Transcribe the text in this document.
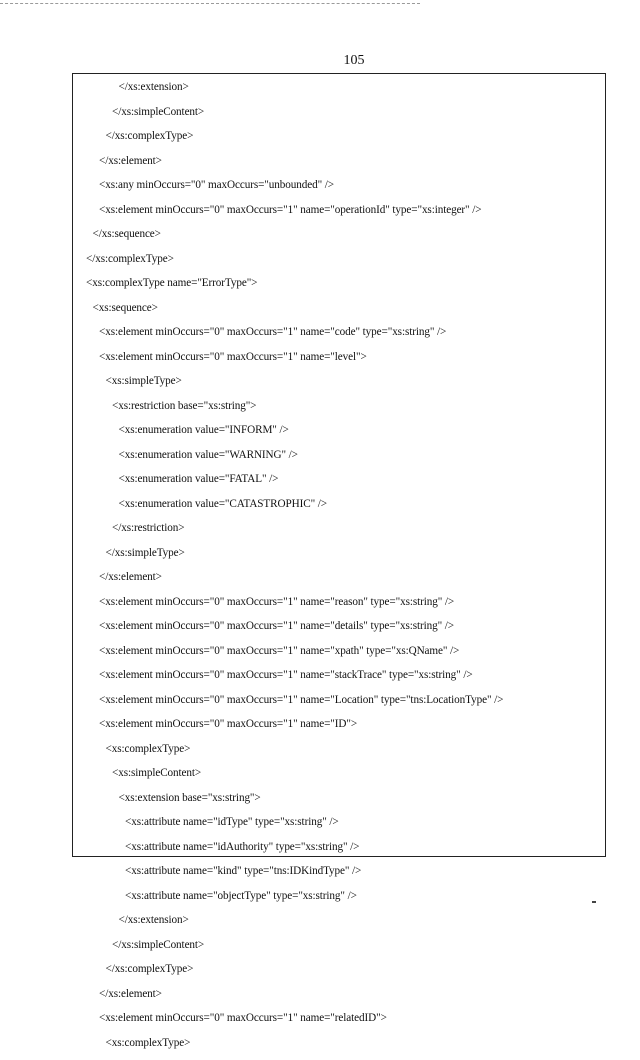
105
</xs:extension>
</xs:simpleContent>
</xs:complexType>
</xs:element>
<xs:any minOccurs="0" maxOccurs="unbounded" />
<xs:element minOccurs="0" maxOccurs="1" name="operationId" type="xs:integer" />
</xs:sequence>
</xs:complexType>
<xs:complexType name="ErrorType">
<xs:sequence>
<xs:element minOccurs="0" maxOccurs="1" name="code" type="xs:string" />
<xs:element minOccurs="0" maxOccurs="1" name="level">
<xs:simpleType>
<xs:restriction base="xs:string">
<xs:enumeration value="INFORM" />
<xs:enumeration value="WARNING" />
<xs:enumeration value="FATAL" />
<xs:enumeration value="CATASTROPHIC" />
</xs:restriction>
</xs:simpleType>
</xs:element>
<xs:element minOccurs="0" maxOccurs="1" name="reason" type="xs:string" />
<xs:element minOccurs="0" maxOccurs="1" name="details" type="xs:string" />
<xs:element minOccurs="0" maxOccurs="1" name="xpath" type="xs:QName" />
<xs:element minOccurs="0" maxOccurs="1" name="stackTrace" type="xs:string" />
<xs:element minOccurs="0" maxOccurs="1" name="Location" type="tns:LocationType" />
<xs:element minOccurs="0" maxOccurs="1" name="ID">
<xs:complexType>
<xs:simpleContent>
<xs:extension base="xs:string">
<xs:attribute name="idType" type="xs:string" />
<xs:attribute name="idAuthority" type="xs:string" />
<xs:attribute name="kind" type="tns:IDKindType" />
<xs:attribute name="objectType" type="xs:string" />
</xs:extension>
</xs:simpleContent>
</xs:complexType>
</xs:element>
<xs:element minOccurs="0" maxOccurs="1" name="relatedID">
<xs:complexType>
